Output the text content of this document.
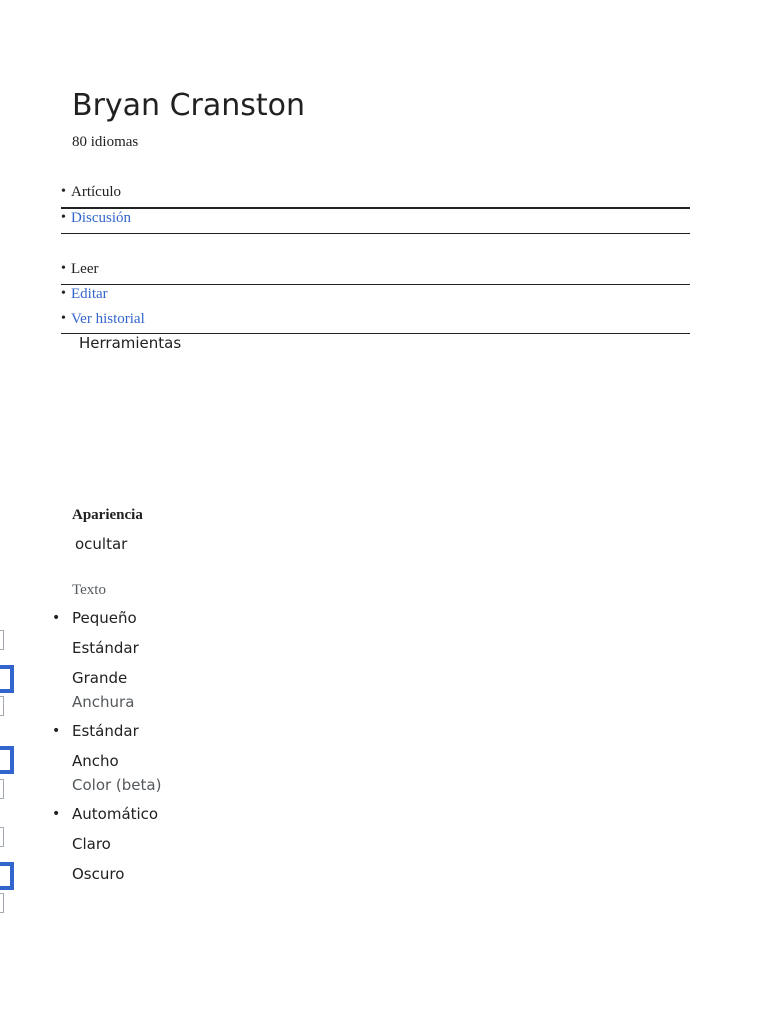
Bryan Cranston
80 idiomas
• Artículo
• Discusión
• Leer
• Editar
• Ver historial
Herramientas
Apariencia
ocultar
Texto
• Pequeño
Estándar
Grande
Anchura
• Estándar
Ancho
Color (beta)
• Automático
Claro
Oscuro
